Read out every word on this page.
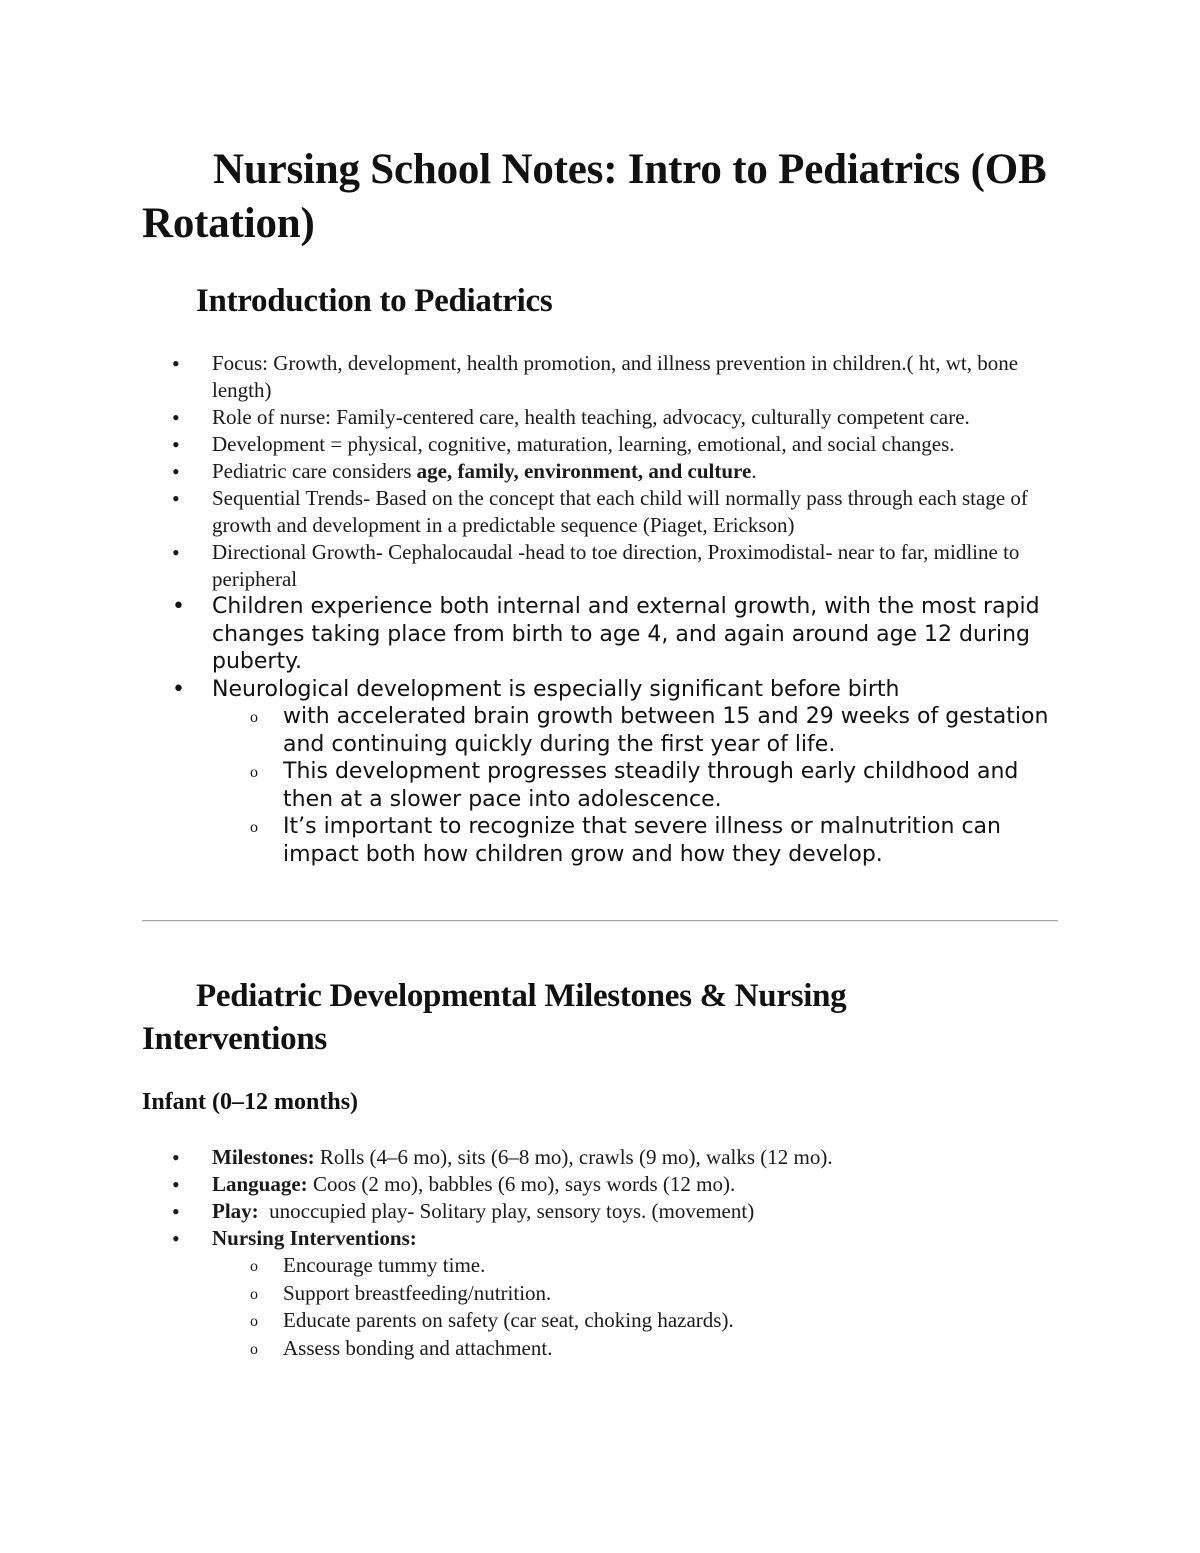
Nursing School Notes: Intro to Pediatrics (OB Rotation)
Introduction to Pediatrics
• Focus: Growth, development, health promotion, and illness prevention in children.( ht, wt, bone length)
• Role of nurse: Family-centered care, health teaching, advocacy, culturally competent care.
• Development = physical, cognitive, maturation, learning, emotional, and social changes.
• Pediatric care considers age, family, environment, and culture.
• Sequential Trends- Based on the concept that each child will normally pass through each stage of growth and development in a predictable sequence (Piaget, Erickson)
• Directional Growth- Cephalocaudal -head to toe direction, Proximodistal- near to far, midline to peripheral
• Children experience both internal and external growth, with the most rapid changes taking place from birth to age 4, and again around age 12 during puberty.
• Neurological development is especially significant before birth
o with accelerated brain growth between 15 and 29 weeks of gestation and continuing quickly during the first year of life.
o This development progresses steadily through early childhood and then at a slower pace into adolescence.
o It’s important to recognize that severe illness or malnutrition can impact both how children grow and how they develop.
Pediatric Developmental Milestones & Nursing Interventions
Infant (0–12 months)
• Milestones: Rolls (4–6 mo), sits (6–8 mo), crawls (9 mo), walks (12 mo).
• Language: Coos (2 mo), babbles (6 mo), says words (12 mo).
• Play:  unoccupied play- Solitary play, sensory toys. (movement)
• Nursing Interventions:
o Encourage tummy time.
o Support breastfeeding/nutrition.
o Educate parents on safety (car seat, choking hazards).
o Assess bonding and attachment.
